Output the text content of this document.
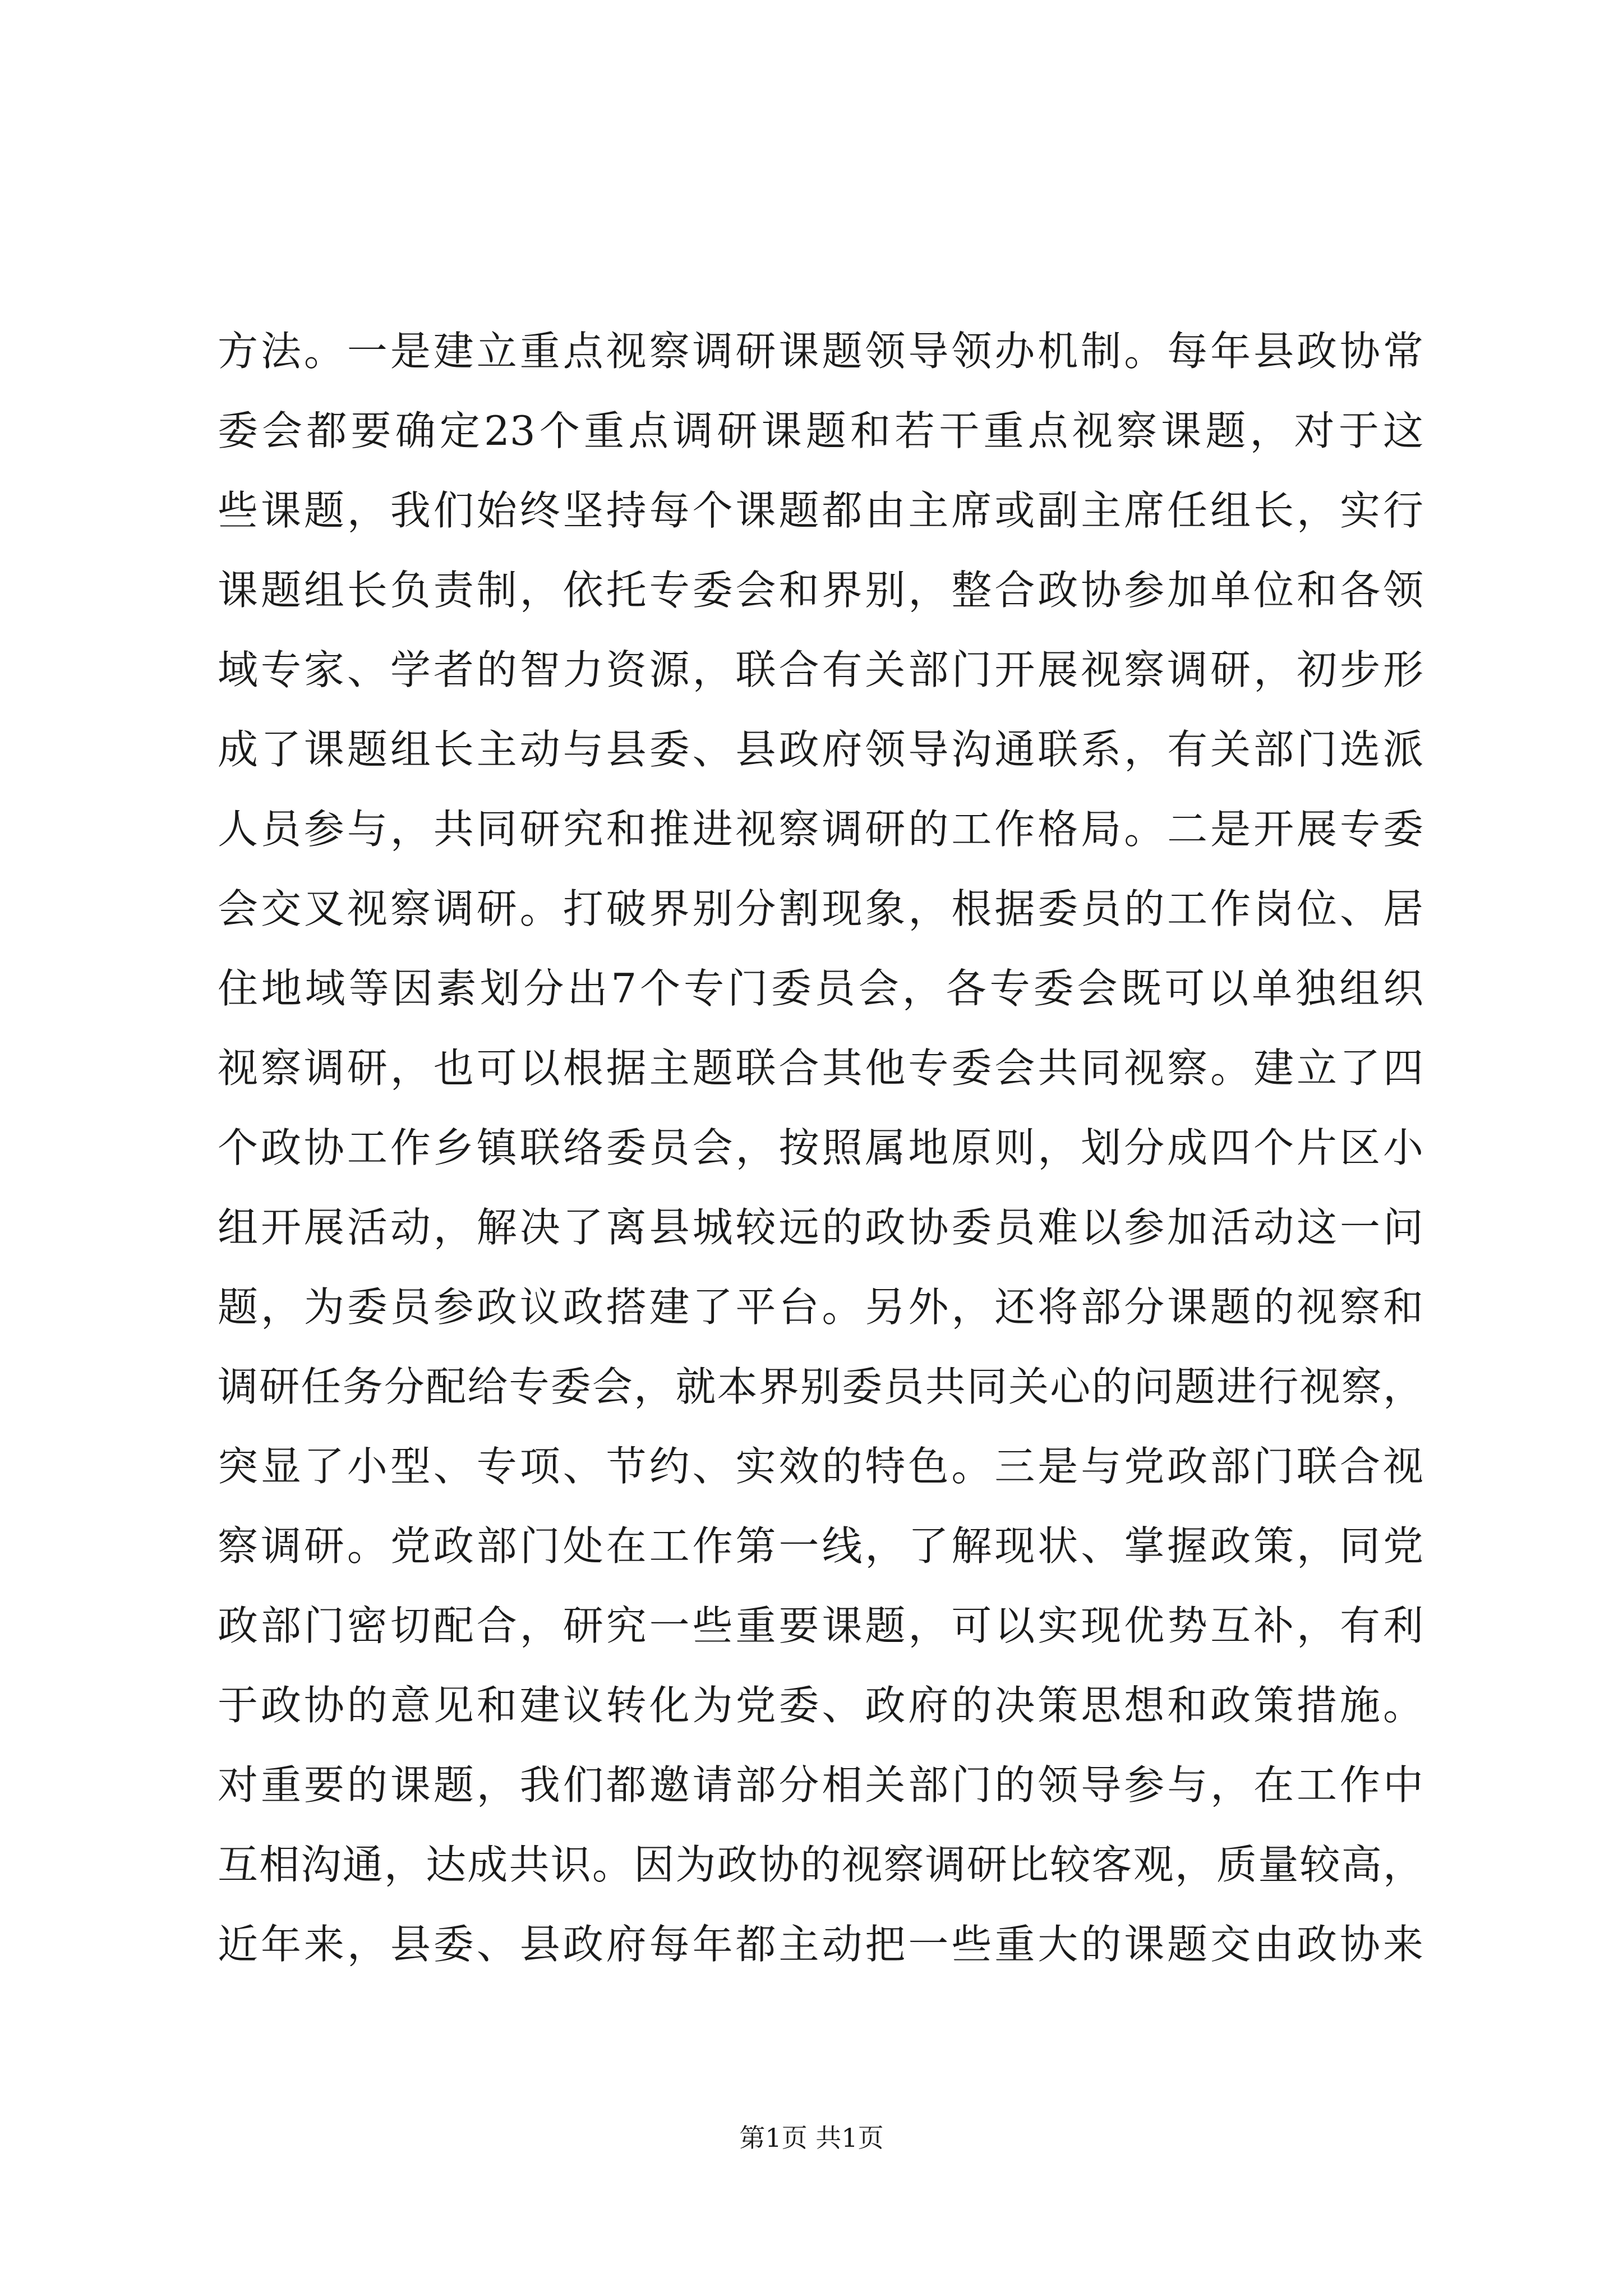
方法。一是建立重点视察调研课题领导领办机制。每年县政协常
委会都要确定23个重点调研课题和若干重点视察课题，对于这
些课题，我们始终坚持每个课题都由主席或副主席任组长，实行
课题组长负责制，依托专委会和界别，整合政协参加单位和各领
域专家、学者的智力资源，联合有关部门开展视察调研，初步形
成了课题组长主动与县委、县政府领导沟通联系，有关部门选派
人员参与，共同研究和推进视察调研的工作格局。二是开展专委
会交叉视察调研。打破界别分割现象，根据委员的工作岗位、居
住地域等因素划分出7个专门委员会，各专委会既可以单独组织
视察调研，也可以根据主题联合其他专委会共同视察。建立了四
个政协工作乡镇联络委员会，按照属地原则，划分成四个片区小
组开展活动，解决了离县城较远的政协委员难以参加活动这一问
题，为委员参政议政搭建了平台。另外，还将部分课题的视察和
调研任务分配给专委会，就本界别委员共同关心的问题进行视察，
突显了小型、专项、节约、实效的特色。三是与党政部门联合视
察调研。党政部门处在工作第一线，了解现状、掌握政策，同党
政部门密切配合，研究一些重要课题，可以实现优势互补，有利
于政协的意见和建议转化为党委、政府的决策思想和政策措施。
对重要的课题，我们都邀请部分相关部门的领导参与，在工作中
互相沟通，达成共识。因为政协的视察调研比较客观，质量较高，
近年来，县委、县政府每年都主动把一些重大的课题交由政协来
第1页 共1页
